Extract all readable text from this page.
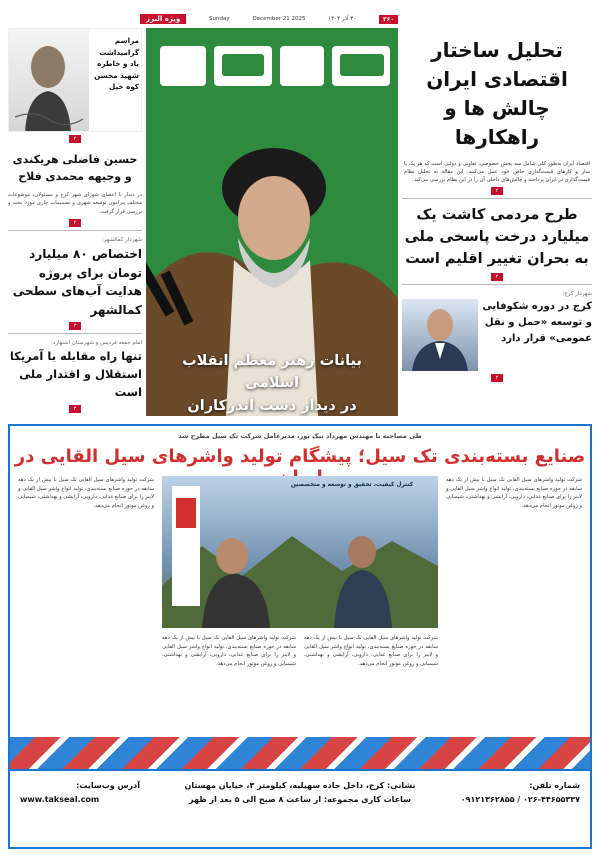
۳۶۰
۳۰ آذر ۱۴۰۴
2025 December 21
Sunday
ویژه البرز
مراسم گرامیداشت یاد و خاطره شهید محسن کوه خیل
۲
حسین فاضلی هریکندی و وجیهه محمدی فلاح
در دیدار با اعضای شورای شهر کرج و مسئولان، موضوعات مختلف پیرامون توسعه شهری و تصمیمات جاری مورد بحث و بررسی قرار گرفت.
۲
شهردار کمالشهر:
اختصاص ۸۰ میلیارد تومان برای پروژه هدایت آب‌های سطحی کمالشهر
۳
امام جمعه فردیس و شهرستان اشتهارد:
تنها راه مقابله با آمریکا استقلال و اقتدار ملی است
۳
بیانات رهبر معظم انقلاب اسلامی
در دیدار دست اندرکاران
تحلیل ساختار اقتصادی ایران چالش ها و راهکارها
اقتصاد ایران به‌طور کلی شامل سه بخش خصوصی، تعاونی و دولتی است که هر یک با ساز و کارهای قیمت‌گذاری خاص خود عمل می‌کنند. این مقاله به تحلیل نظام قیمت‌گذاری در ایران پرداخته و چالش‌های داخلی آن را در این نظام بررسی می‌کند.
۲
طرح مردمی کاشت یک میلیارد درخت پاسخی ملی به بحران تغییر اقلیم است
۲
شهردار کرج:
کرج در دوره شکوفایی و توسعه «حمل و نقل عمومی» قرار دارد
۲
طی مصاحبه با مهندس مهرداد نیک پور، مدیرعامل شرکت تک سیل مطرح شد
صنایع بسته‌بندی تک سیل؛ پیشگام تولید واشرهای سیل القایی در
شرکت تولید واشرهای سیل القایی تک سیل با بیش از یک دهه سابقه در حوزه صنایع بسته‌بندی، تولید انواع واشر سیل القایی و لاینر را برای صنایع غذایی، دارویی، آرایشی و بهداشتی، شیمیایی و روغن موتور انجام می‌دهد.
شرکت تولید واشرهای سیل القایی تک سیل با بیش از یک دهه سابقه در حوزه صنایع بسته‌بندی، تولید انواع واشر سیل القایی و لاینر را برای صنایع غذایی، دارویی، آرایشی و بهداشتی، شیمیایی و روغن موتور انجام می‌دهد.
شرکت تولید واشرهای سیل القایی تک سیل با بیش از یک دهه سابقه در حوزه صنایع بسته‌بندی، تولید انواع واشر سیل القایی و لاینر را برای صنایع غذایی، دارویی، آرایشی و بهداشتی، شیمیایی و روغن موتور انجام می‌دهد.
شرکت تولید واشرهای سیل القایی تک سیل با بیش از یک دهه سابقه در حوزه صنایع بسته‌بندی، تولید انواع واشر سیل القایی و لاینر را برای صنایع غذایی، دارویی، آرایشی و بهداشتی، شیمیایی و روغن موتور انجام می‌دهد.
کنترل کیفیت، تحقیق و توسعه و متخصصین
شماره تلفن:
۰۲۶-۴۴۶۵۵۳۳۷ / ۰۹۱۲۱۳۶۲۸۵۵
نشانی: کرج، داخل جاده سهیلیه، کیلومتر ۳، خیابان مهستان
ساعات کاری مجموعه: از ساعت ۸ صبح الی ۵ بعد از ظهر
آدرس وب‌سایت:
www.takseal.com
